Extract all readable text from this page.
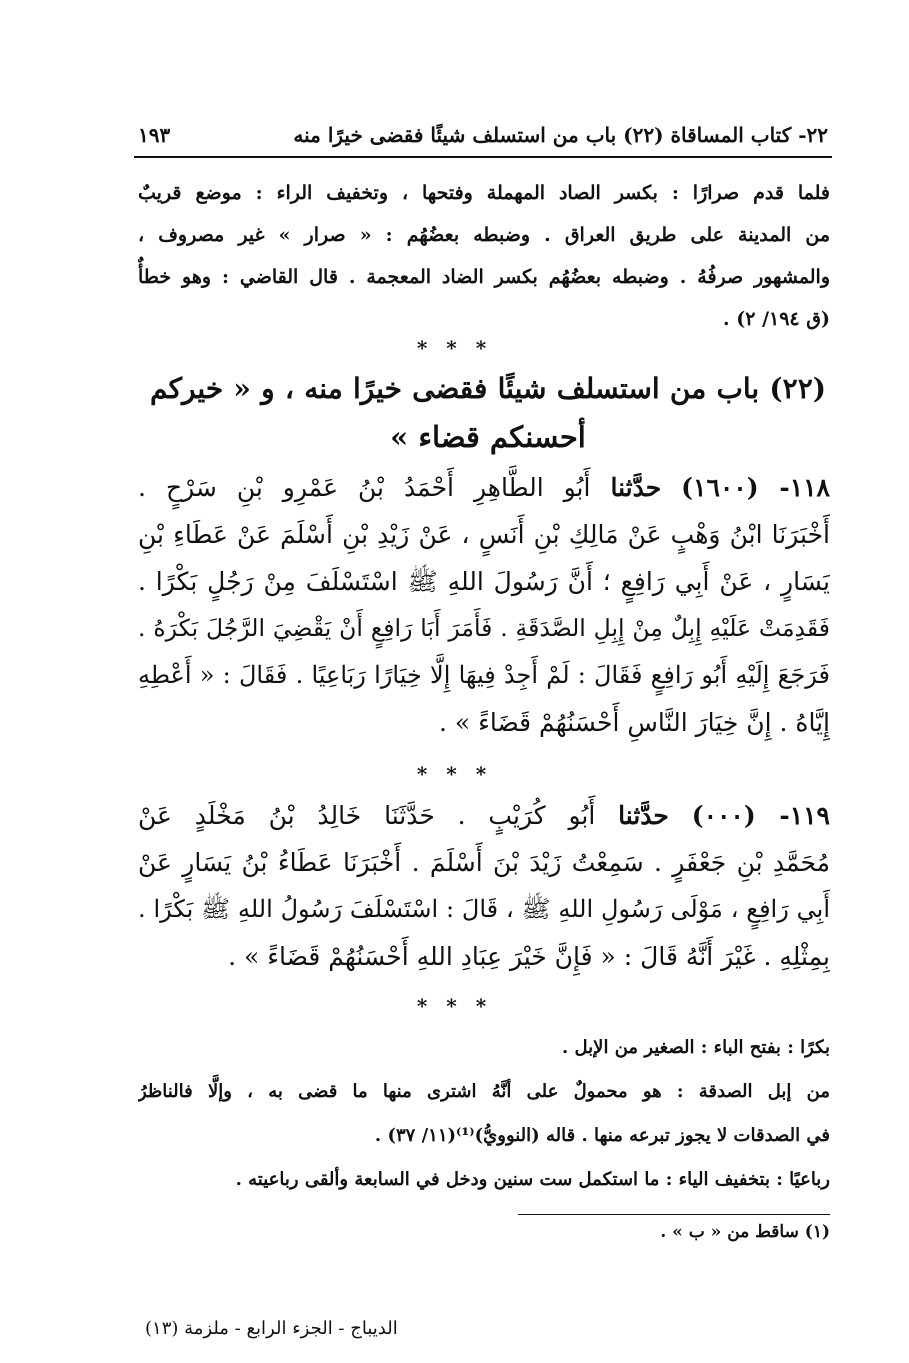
٢٢- كتاب المساقاة (٢٢) باب من استسلف شيئًا فقضى خيرًا منه
١٩٣
فلما قدم صرارًا : بكسر الصاد المهملة وفتحها ، وتخفيف الراء : موضع قريبٌ
من المدينة على طريق العراق . وضبطه بعضُهُم : « صرار » غير مصروف ،
والمشهور صرفُهُ . وضبطه بعضُهُم بكسر الضاد المعجمة . قال القاضي : وهو خطأٌ
(ق ١٩٤/ ٢) .
* * *
(٢٢) باب من استسلف شيئًا فقضى خيرًا منه ، و « خيركم
أحسنكم قضاء »
١١٨- (١٦٠٠) حدَّثنا أَبُو الطَّاهِرِ أَحْمَدُ بْنُ عَمْرِو بْنِ سَرْحٍ .
أَخْبَرَنَا ابْنُ وَهْبٍ عَنْ مَالِكِ بْنِ أَنَسٍ ، عَنْ زَيْدِ بْنِ أَسْلَمَ عَنْ عَطَاءِ بْنِ
يَسَارٍ ، عَنْ أَبِي رَافِعٍ ؛ أَنَّ رَسُولَ اللهِ ﷺ اسْتَسْلَفَ مِنْ رَجُلٍ بَكْرًا .
فَقَدِمَتْ عَلَيْهِ إِبِلٌ مِنْ إِبِلِ الصَّدَقَةِ . فَأَمَرَ أَبَا رَافِعٍ أَنْ يَقْضِيَ الرَّجُلَ بَكْرَهُ .
فَرَجَعَ إِلَيْهِ أَبُو رَافِعٍ فَقَالَ : لَمْ أَجِدْ فِيهَا إِلَّا خِيَارًا رَبَاعِيًا . فَقَالَ : « أَعْطِهِ
إِيَّاهُ . إِنَّ خِيَارَ النَّاسِ أَحْسَنُهُمْ قَضَاءً » .
* * *
١١٩- (٠٠٠) حدَّثنا أَبُو كُرَيْبٍ . حَدَّثَنَا خَالِدُ بْنُ مَخْلَدٍ عَنْ
مُحَمَّدِ بْنِ جَعْفَرٍ . سَمِعْتُ زَيْدَ بْنَ أَسْلَمَ . أَخْبَرَنَا عَطَاءُ بْنُ يَسَارٍ عَنْ
أَبِي رَافِعٍ ، مَوْلَى رَسُولِ اللهِ ﷺ ، قَالَ : اسْتَسْلَفَ رَسُولُ اللهِ ﷺ بَكْرًا .
بِمِثْلِهِ . غَيْرَ أَنَّهُ قَالَ : « فَإِنَّ خَيْرَ عِبَادِ اللهِ أَحْسَنُهُمْ قَضَاءً » .
* * *
بكرًا : بفتح الباء : الصغير من الإبل .
من إبل الصدقة : هو محمولٌ على أنَّهُ اشترى منها ما قضى به ، وإلَّا فالناظرُ
في الصدقات لا يجوز تبرعه منها . قاله (النوويُّ)⁽¹⁾(١١/ ٣٧) .
رباعيًا : بتخفيف الياء : ما استكمل ست سنين ودخل في السابعة وألقى رباعيته .
(١) ساقط من « ب » .
الديباج - الجزء الرابع - ملزمة (١٣)
